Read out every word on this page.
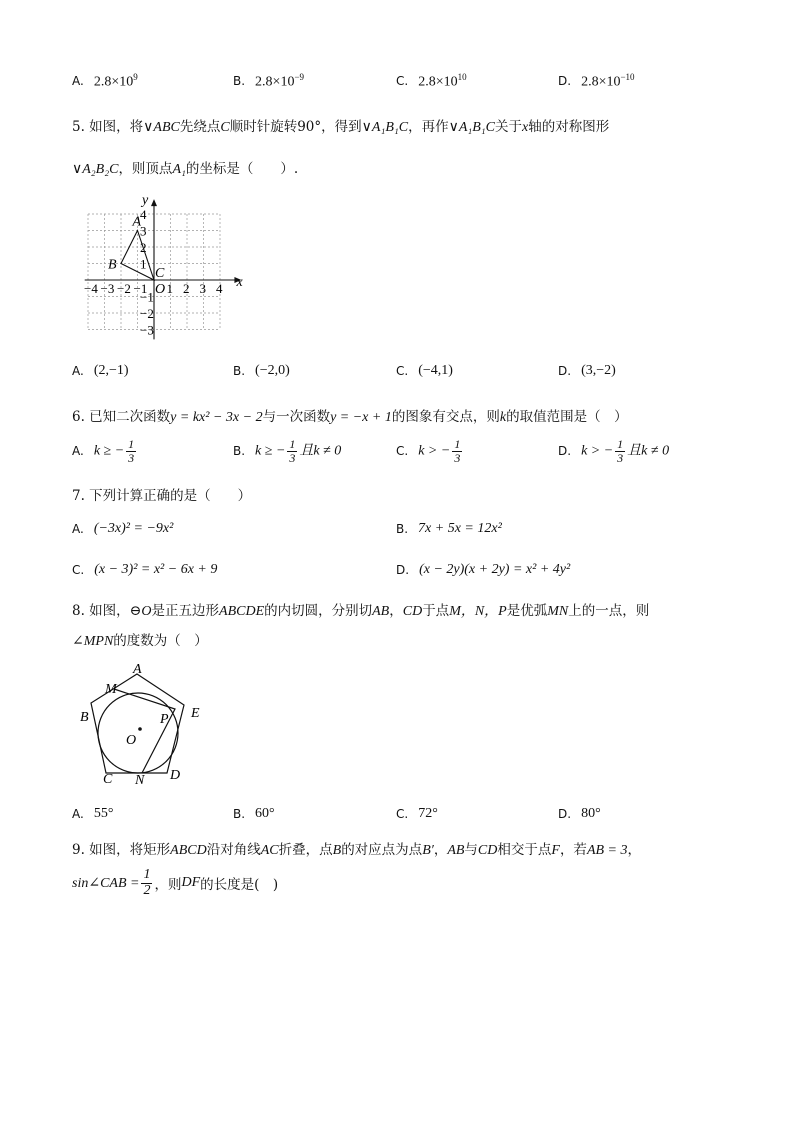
A. $2.8\times 10^9$	B. $2.8\times 10^{-9}$	C. $2.8\times 10^{10}$	D. $2.8\times 10^{-10}$
5. 如图，将∨ABC先绕点C顺时针旋转90°，得到∨A₁B₁C，再作∨A₁B₁C关于x轴的对称图形
∨A₂B₂C，则顶点A₁的坐标是（　　）.
−4 −3 −2 −1 1 2 3 4
4
3
2
1
−1
−2
−3
A
B
C
x
y
O
A. (2,−1)	B. (−2,0)	C. (−4,1)	D. (3,−2)
6. 已知二次函数y = kx² − 3x − 2与一次函数y = −x + 1的图象有交点，则k的取值范围是（　）
A. k ≥ − $\frac{1}{3}$	B. k ≥ − $\frac{1}{3}$ 且k ≠ 0	C. k > − $\frac{1}{3}$	D. k > − $\frac{1}{3}$ 且k ≠ 0
7. 下列计算正确的是（　　）
A. (−3x)² = −9x²	B. 7x + 5x = 12x²
C. (x − 3)² = x² − 6x + 9	D. (x − 2y)(x + 2y) = x² + 4y²
8. 如图，⊖O是正五边形ABCDE的内切圆，分别切AB，CD于点M，N，P是优弧MN上的一点，则
∠MPN的度数为（　）
A
B
C	D
E
M
N
P
O
A. 55°	B. 60°	C. 72°	D. 80°
9. 如图，将矩形ABCD沿对角线AC折叠，点B的对应点为点B′，AB与CD相交于点F，若AB = 3，
sin∠CAB = $\frac{1}{2}$ ，则 DF 的长度是(　)
